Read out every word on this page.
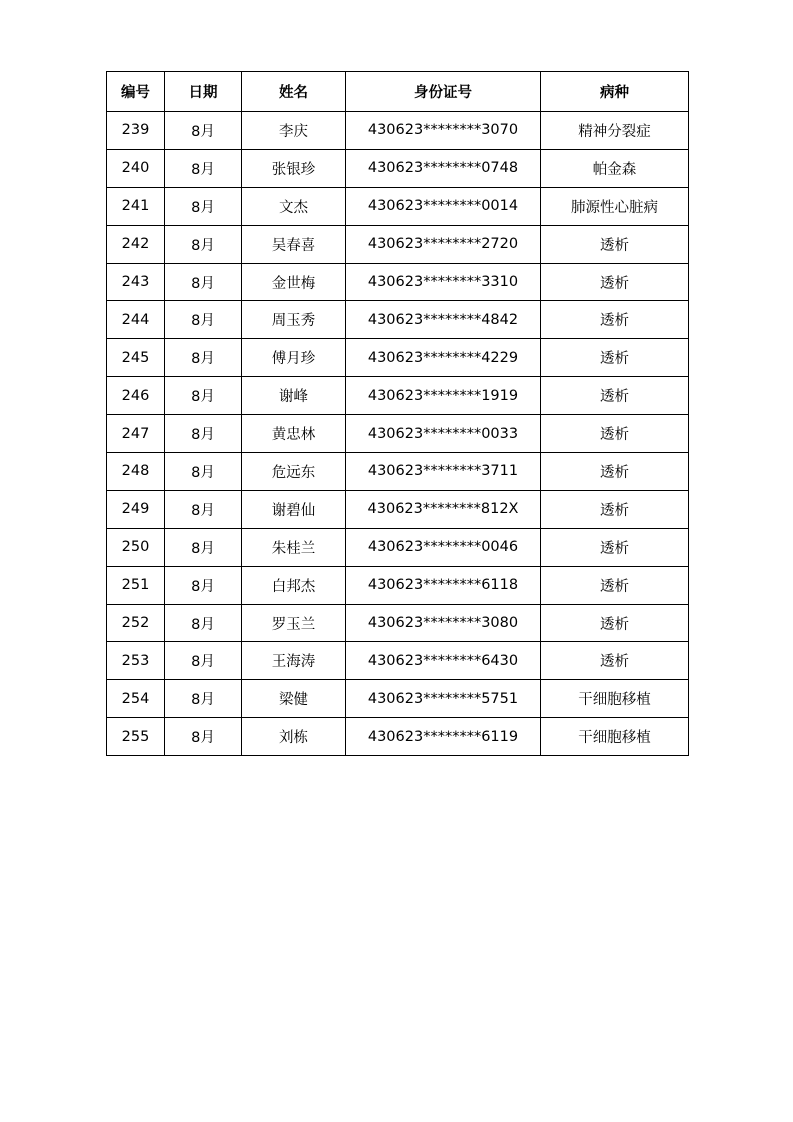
编号	日期	姓名	身份证号	病种
239	8月	李庆	430623********3070	精神分裂症
240	8月	张银珍	430623********0748	帕金森
241	8月	文杰	430623********0014	肺源性心脏病
242	8月	吴春喜	430623********2720	透析
243	8月	金世梅	430623********3310	透析
244	8月	周玉秀	430623********4842	透析
245	8月	傅月珍	430623********4229	透析
246	8月	谢峰	430623********1919	透析
247	8月	黄忠林	430623********0033	透析
248	8月	危远东	430623********3711	透析
249	8月	谢碧仙	430623********812X	透析
250	8月	朱桂兰	430623********0046	透析
251	8月	白邦杰	430623********6118	透析
252	8月	罗玉兰	430623********3080	透析
253	8月	王海涛	430623********6430	透析
254	8月	梁健	430623********5751	干细胞移植
255	8月	刘栋	430623********6119	干细胞移植
